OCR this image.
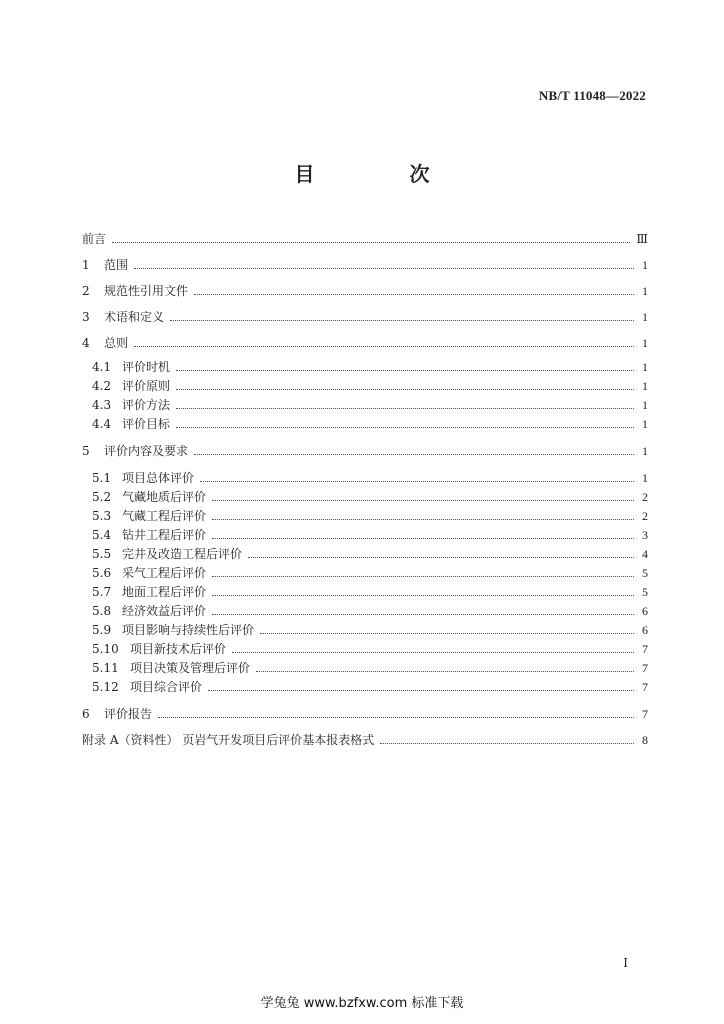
NB/T 11048—2022
目 次
前言	Ⅲ
1	范围	1
2	规范性引用文件	1
3	术语和定义	1
4	总则	1
4.1 评价时机	1
4.2 评价原则	1
4.3 评价方法	1
4.4 评价目标	1
5	评价内容及要求	1
5.1 项目总体评价	1
5.2 气藏地质后评价	2
5.3 气藏工程后评价	2
5.4 钻井工程后评价	3
5.5 完井及改造工程后评价	4
5.6 采气工程后评价	5
5.7 地面工程后评价	5
5.8 经济效益后评价	6
5.9 项目影响与持续性后评价	6
5.10 项目新技术后评价	7
5.11 项目决策及管理后评价	7
5.12 项目综合评价	7
6	评价报告	7
附录 A（资料性） 页岩气开发项目后评价基本报表格式	8
Ⅰ
学兔兔 www.bzfxw.com 标准下载
